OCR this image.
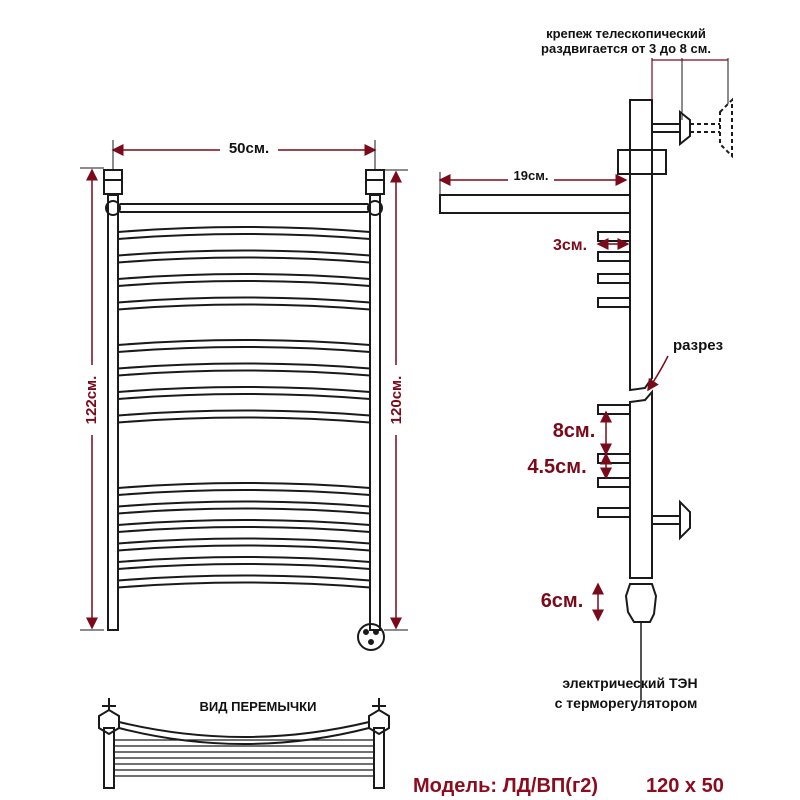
50см.
122см.	120см.
крепеж телескопический
раздвигается от 3 до 8 см.
19см.
3см.
разрез
8см.
4.5см.
6см.
электрический ТЭН
с терморегулятором
ВИД ПЕРЕМЫЧКИ
Модель: ЛД/ВП(г2) 120 х 50
